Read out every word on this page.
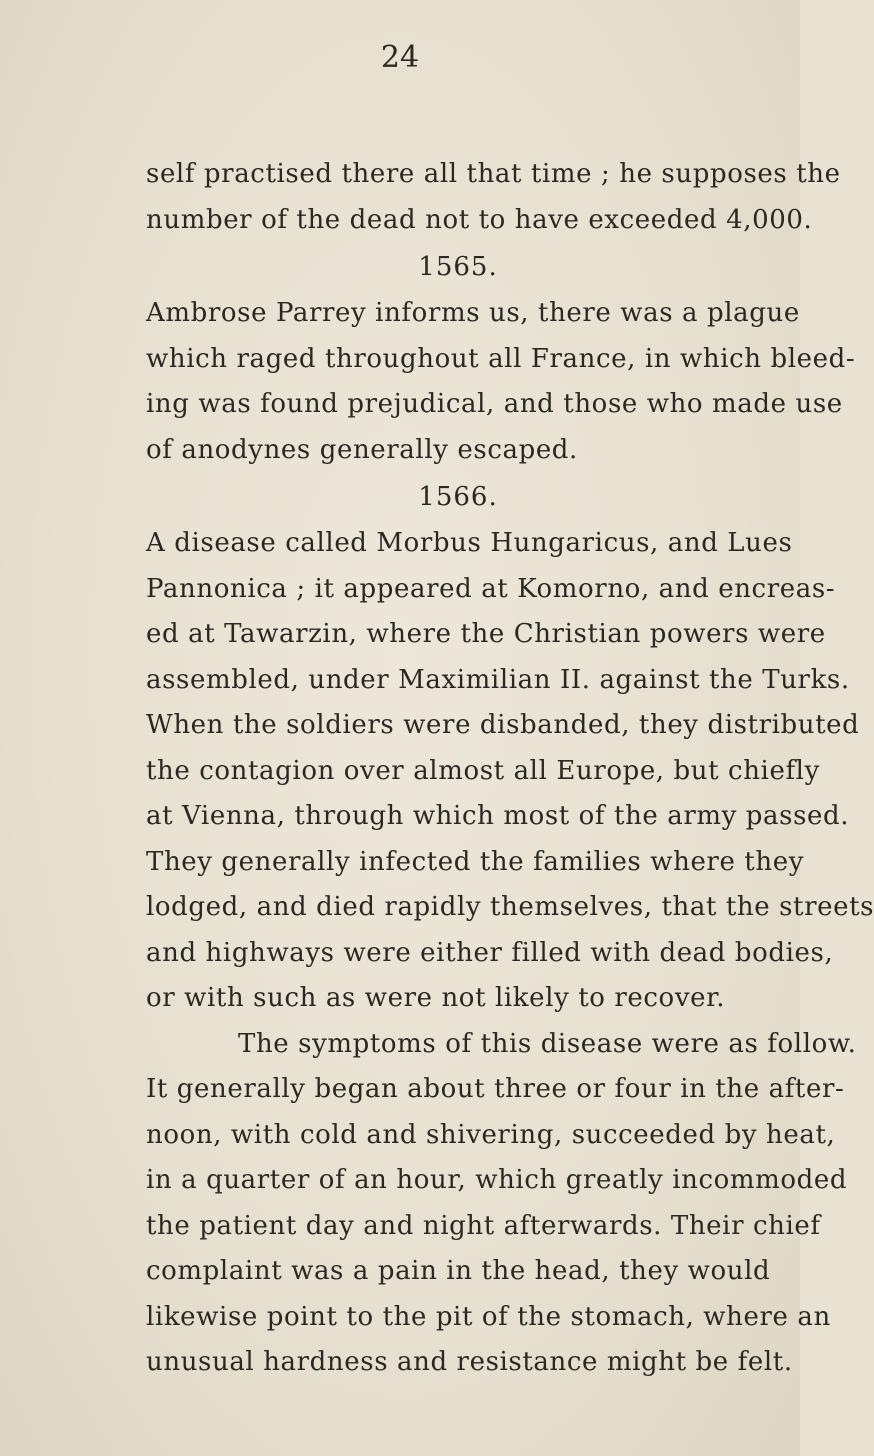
24

self practised there all that time ; he supposes the
number of the dead not to have exceeded 4,000.

1565.

Ambrose Parrey informs us, there was a plague
which raged throughout all France, in which bleed-
ing was found prejudical, and those who made use
of anodynes generally escaped.

1566.

A disease called Morbus Hungaricus, and Lues
Pannonica ; it appeared at Komorno, and encreas-
ed at Tawarzin, where the Christian powers were
assembled, under Maximilian II. against the Turks.
When the soldiers were disbanded, they distributed
the contagion over almost all Europe, but chiefly
at Vienna, through which most of the army passed.
They generally infected the families where they
lodged, and died rapidly themselves, that the streets
and highways were either filled with dead bodies,
or with such as were not likely to recover.

The symptoms of this disease were as follow.
It generally began about three or four in the after-
noon, with cold and shivering, succeeded by heat,
in a quarter of an hour, which greatly incommoded
the patient day and night afterwards. Their chief
complaint was a pain in the head, they would
likewise point to the pit of the stomach, where an
unusual hardness and resistance might be felt.
